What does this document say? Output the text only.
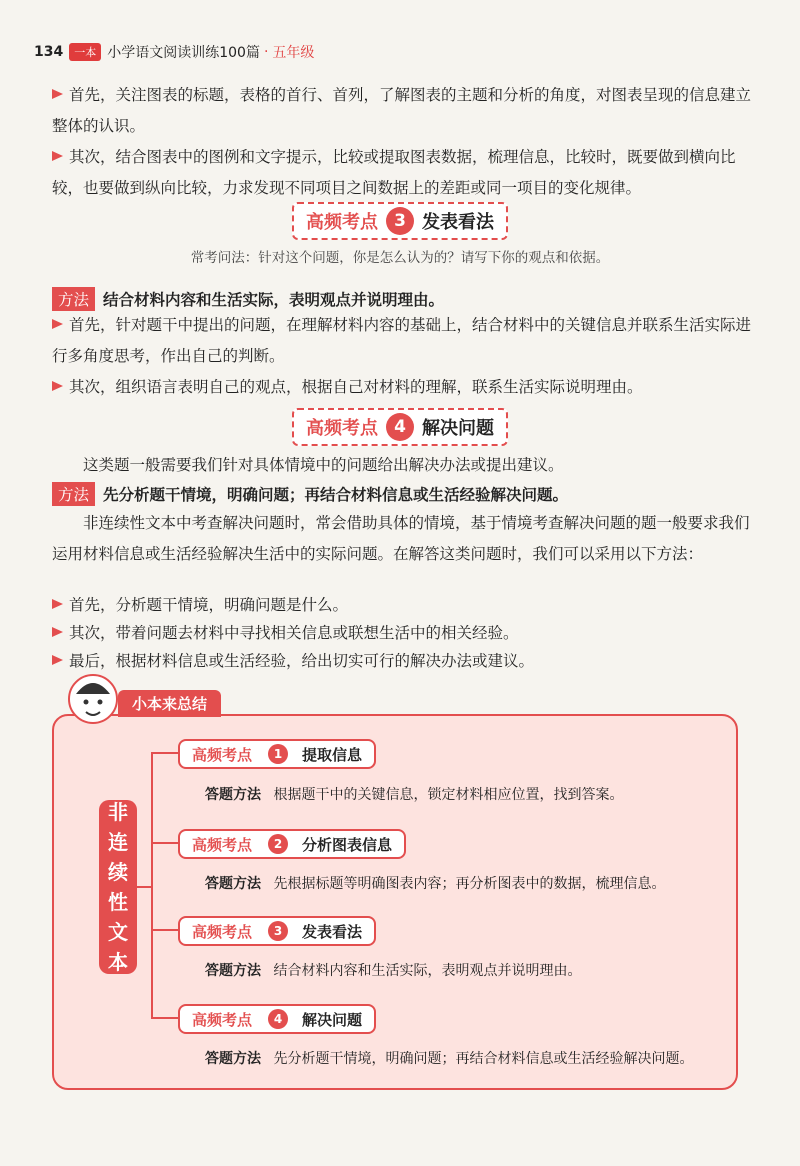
134	一本 小学语文阅读训练100篇 · 五年级

首先，关注图表的标题，表格的首行、首列，了解图表的主题和分析的角度，对图表呈现的信息建立整体的认识。

其次，结合图表中的图例和文字提示，比较或提取图表数据，梳理信息，比较时，既要做到横向比较，也要做到纵向比较，力求发现不同项目之间数据上的差距或同一项目的变化规律。

高频考点 3 发表看法
常考问法：针对这个问题，你是怎么认为的？请写下你的观点和依据。
方法 结合材料内容和生活实际，表明观点并说明理由。

首先，针对题干中提出的问题，在理解材料内容的基础上，结合材料中的关键信息并联系生活实际进行多角度思考，作出自己的判断。

其次，组织语言表明自己的观点，根据自己对材料的理解，联系生活实际说明理由。

高频考点 4 解决问题

这类题一般需要我们针对具体情境中的问题给出解决办法或提出建议。

方法 先分析题干情境，明确问题；再结合材料信息或生活经验解决问题。

非连续性文本中考查解决问题时，常会借助具体的情境，基于情境考查解决问题的题一般要求我们运用材料信息或生活经验解决生活中的实际问题。在解答这类问题时，我们可以采用以下方法：

首先，分析题干情境，明确问题是什么。

其次，带着问题去材料中寻找相关信息或联想生活中的相关经验。

最后，根据材料信息或生活经验，给出切实可行的解决办法或建议。

小本来总结
非
连
续
性
文
本
高频考点	1	提取信息
答题方法 根据题干中的关键信息，锁定材料相应位置，找到答案。
高频考点	2	分析图表信息
答题方法 先根据标题等明确图表内容；再分析图表中的数据，梳理信息。
高频考点	3	发表看法
答题方法 结合材料内容和生活实际，表明观点并说明理由。
高频考点	4	解决问题
答题方法 先分析题干情境，明确问题；再结合材料信息或生活经验解决问题。
